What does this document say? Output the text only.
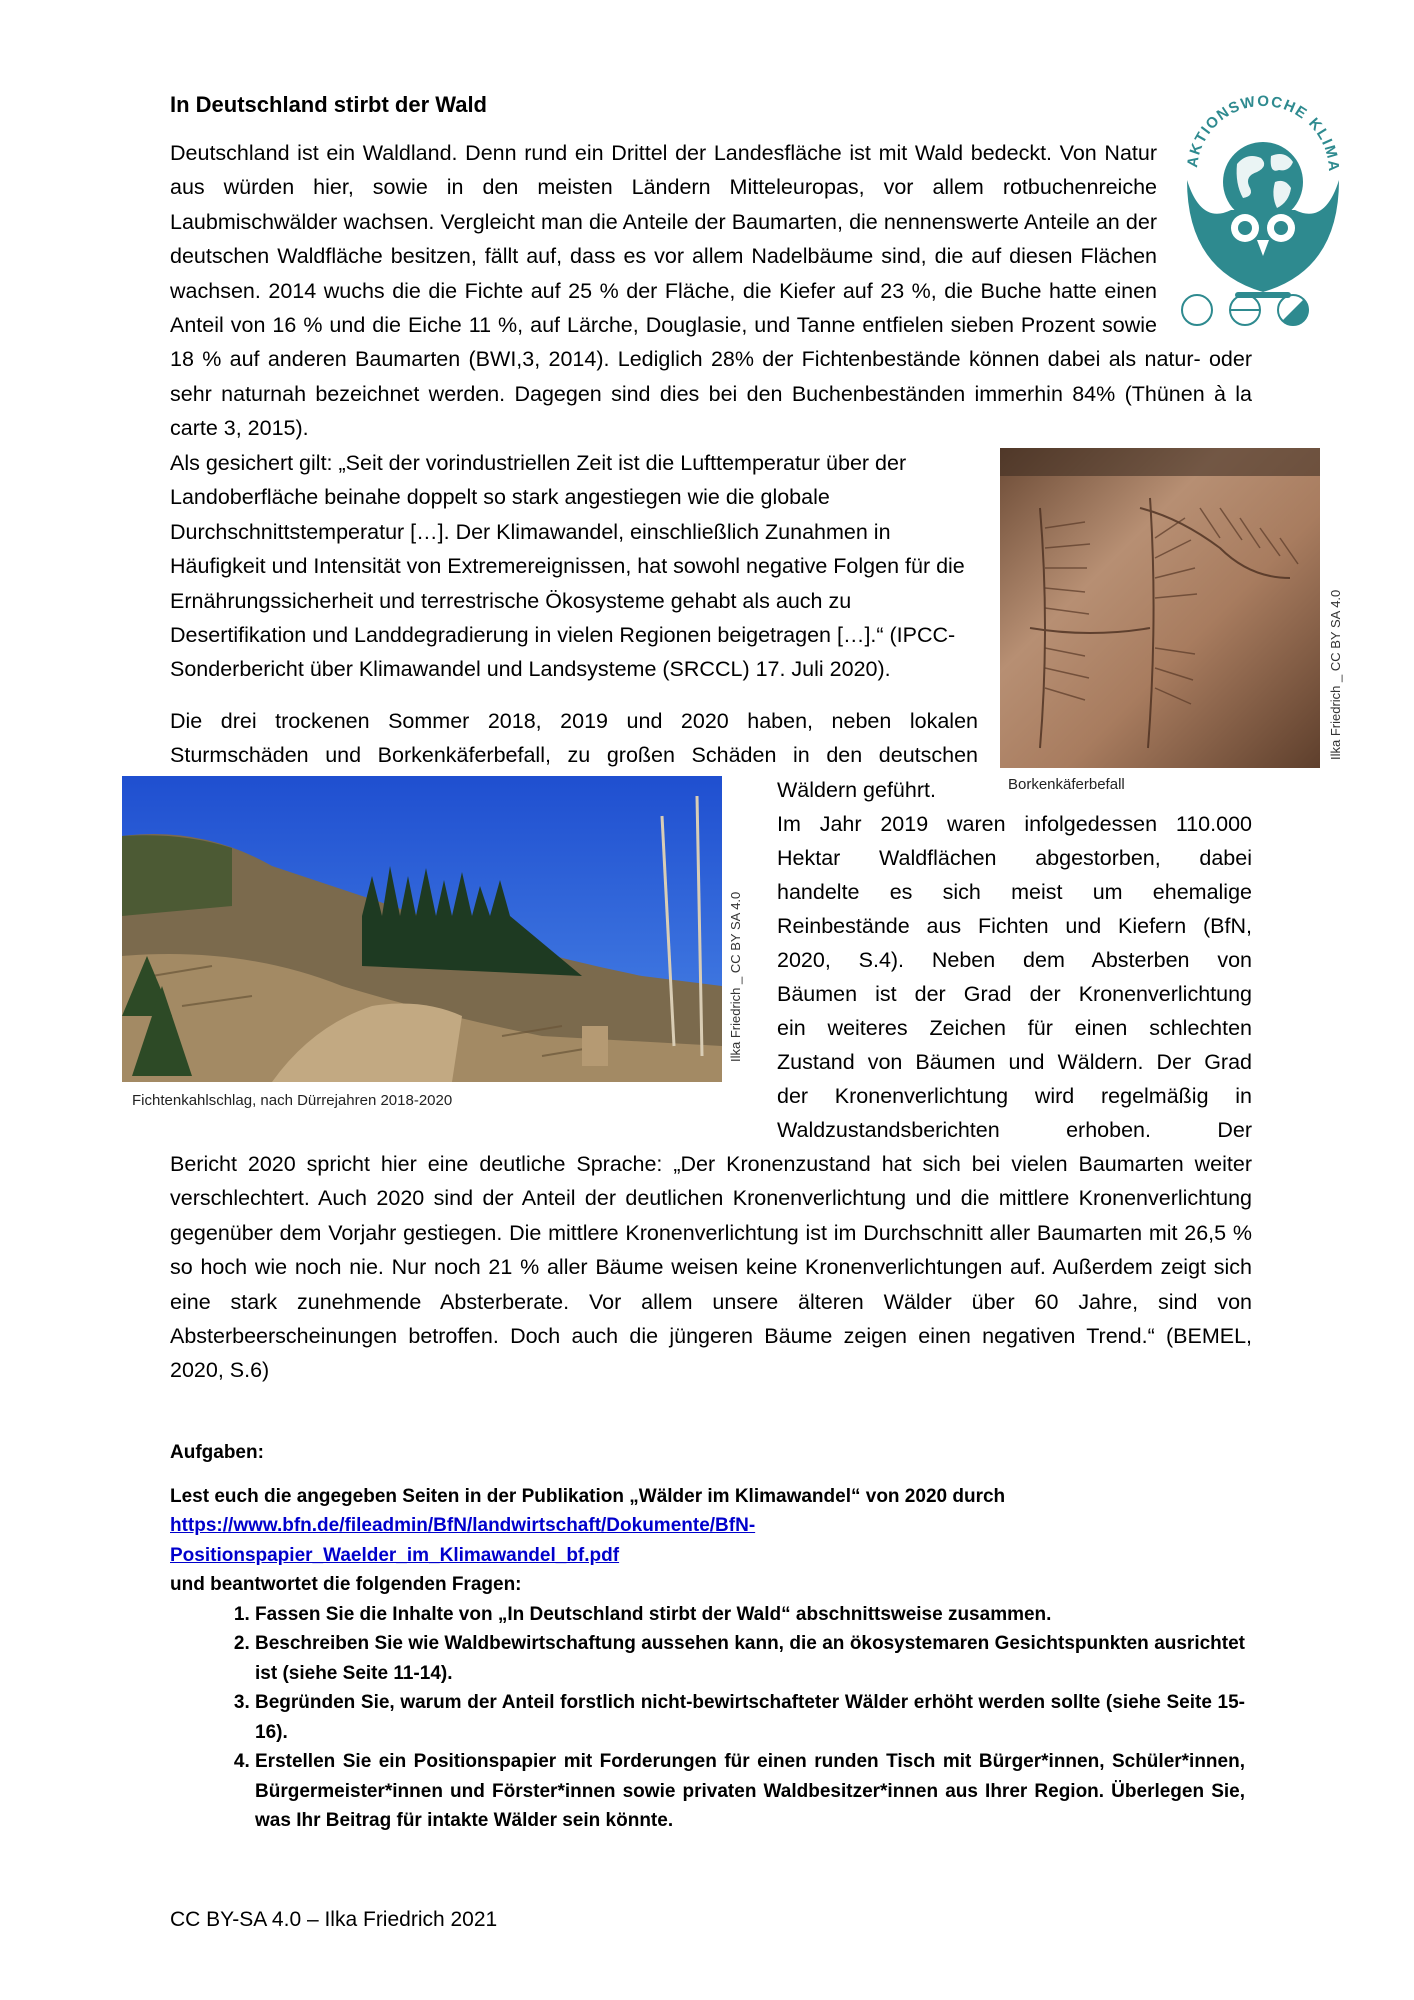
In Deutschland stirbt der Wald
AKTIONSWOCHE KLIMA
Deutschland ist ein Waldland. Denn rund ein Drittel der Landesfläche ist mit Wald bedeckt. Von Natur aus würden hier, sowie in den meisten Ländern Mitteleuropas, vor allem rotbuchenreiche Laubmischwälder wachsen. Vergleicht man die Anteile der Baumarten, die nennenswerte Anteile an der deutschen Waldfläche besitzen, fällt auf, dass es vor allem Nadelbäume sind, die auf diesen Flächen wachsen. 2014 wuchs die die Fichte auf 25 % der Fläche, die Kiefer auf 23 %, die Buche hatte einen Anteil von 16 % und die Eiche 11 %, auf Lärche, Douglasie, und Tanne entfielen sieben Prozent sowie 18 % auf anderen Baumarten (BWI,3, 2014). Lediglich 28% der Fichtenbestände können dabei als natur- oder sehr naturnah bezeichnet werden. Dagegen sind dies bei den Buchenbeständen immerhin 84% (Thünen à la carte 3, 2015).
Als gesichert gilt: „Seit der vorindustriellen Zeit ist die Lufttemperatur über der Landoberfläche beinahe doppelt so stark angestiegen wie die globale Durchschnittstemperatur […]. Der Klimawandel, einschließlich Zunahmen in Häufigkeit und Intensität von Extremereignissen, hat sowohl negative Folgen für die Ernährungssicherheit und terrestrische Ökosysteme gehabt als auch zu Desertifikation und Landdegradierung in vielen Regionen beigetragen […].“ (IPCC-Sonderbericht über Klimawandel und Landsysteme (SRCCL) 17. Juli 2020).
Die drei trockenen Sommer 2018, 2019 und 2020 haben, neben lokalen
Sturmschäden und Borkenkäferbefall, zu großen Schäden in den deutschen	Ilka Friedrich _ CC BY SA 4.0
Borkenkäferbefall
Ilka Friedrich _ CC BY SA 4.0
Fichtenkahlschlag, nach Dürrejahren 2018-2020
Wäldern geführt.
Im Jahr 2019 waren infolgedessen 110.000
Hektar Waldflächen abgestorben, dabei
handelte es sich meist um ehemalige
Reinbestände aus Fichten und Kiefern (BfN,
2020, S.4). Neben dem Absterben von
Bäumen ist der Grad der Kronenverlichtung
ein weiteres Zeichen für einen schlechten
Zustand von Bäumen und Wäldern. Der Grad
der Kronenverlichtung wird regelmäßig in
Waldzustandsberichten erhoben. Der
Bericht 2020 spricht hier eine deutliche Sprache: „Der Kronenzustand hat sich bei vielen Baumarten weiter verschlechtert. Auch 2020 sind der Anteil der deutlichen Kronenverlichtung und die mittlere Kronenverlichtung gegenüber dem Vorjahr gestiegen. Die mittlere Kronenverlichtung ist im Durchschnitt aller Baumarten mit 26,5 % so hoch wie noch nie. Nur noch 21 % aller Bäume weisen keine Kronenverlichtungen auf. Außerdem zeigt sich eine stark zunehmende Absterberate. Vor allem unsere älteren Wälder über 60 Jahre, sind von Absterbeerscheinungen betroffen. Doch auch die jüngeren Bäume zeigen einen negativen Trend.“ (BEMEL, 2020, S.6)
Aufgaben:
Lest euch die angegeben Seiten in der Publikation „Wälder im Klimawandel“ von 2020 durch
https://www.bfn.de/fileadmin/BfN/landwirtschaft/Dokumente/BfN-
Positionspapier_Waelder_im_Klimawandel_bf.pdf
und beantwortet die folgenden Fragen:
1. Fassen Sie die Inhalte von „In Deutschland stirbt der Wald“ abschnittsweise zusammen.
2. Beschreiben Sie wie Waldbewirtschaftung aussehen kann, die an ökosystemaren Gesichtspunkten ausrichtet ist (siehe Seite 11-14).
3. Begründen Sie, warum der Anteil forstlich nicht-bewirtschafteter Wälder erhöht werden sollte (siehe Seite 15-16).
4. Erstellen Sie ein Positionspapier mit Forderungen für einen runden Tisch mit Bürger*innen, Schüler*innen, Bürgermeister*innen und Förster*innen sowie privaten Waldbesitzer*innen aus Ihrer Region. Überlegen Sie, was Ihr Beitrag für intakte Wälder sein könnte.
CC BY-SA 4.0 – Ilka Friedrich 2021
